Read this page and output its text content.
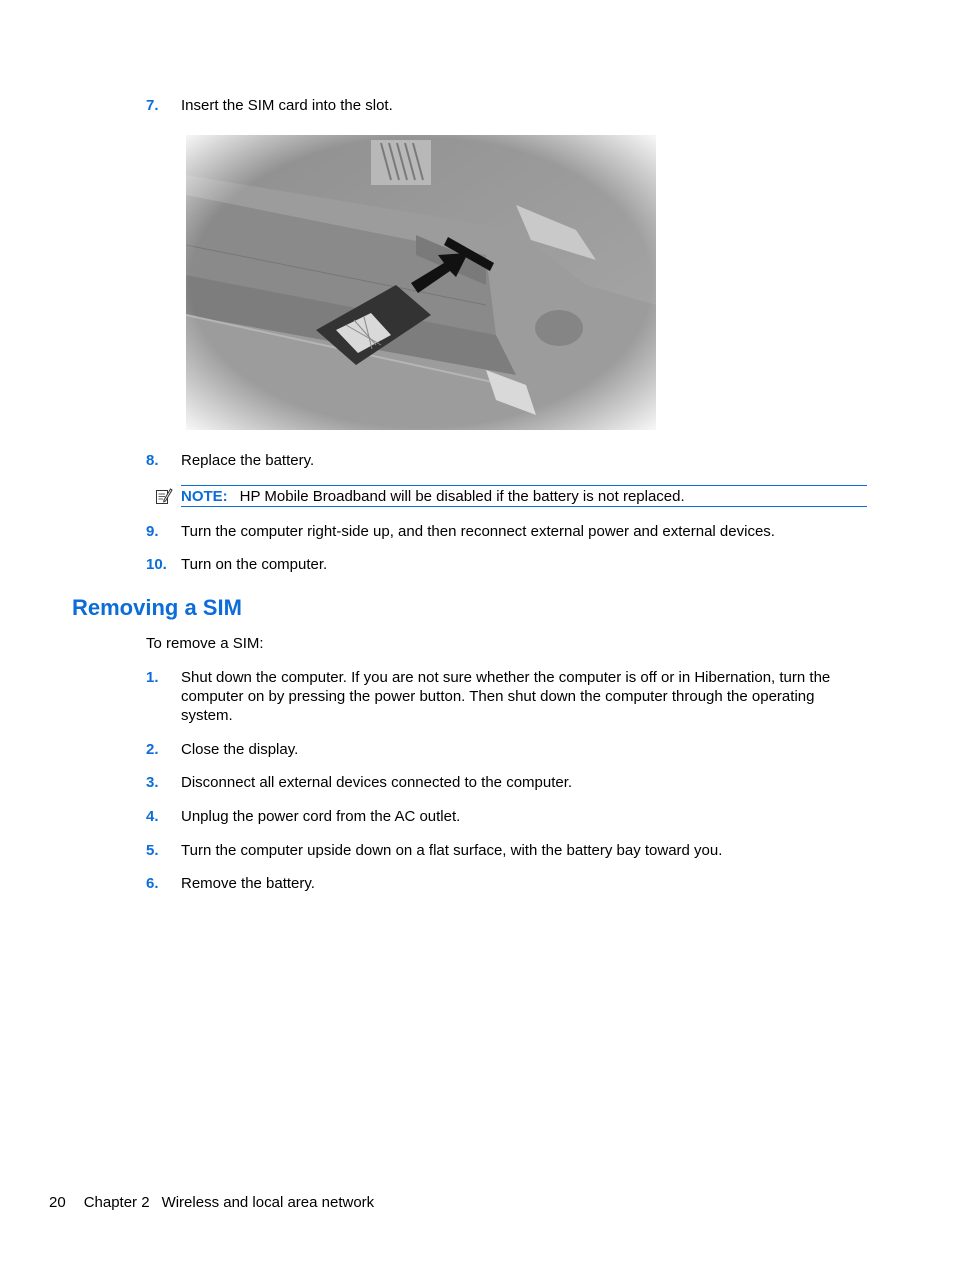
7.	Insert the SIM card into the slot.
8.	Replace the battery.
NOTE: HP Mobile Broadband will be disabled if the battery is not replaced.
9.	Turn the computer right-side up, and then reconnect external power and external devices.
10. Turn on the computer.
Removing a SIM
To remove a SIM:
1.	Shut down the computer. If you are not sure whether the computer is off or in Hibernation, turn the computer on by pressing the power button. Then shut down the computer through the operating system.
2.	Close the display.
3.	Disconnect all external devices connected to the computer.
4.	Unplug the power cord from the AC outlet.
5.	Turn the computer upside down on a flat surface, with the battery bay toward you.
6.	Remove the battery.
20 Chapter 2 Wireless and local area network
